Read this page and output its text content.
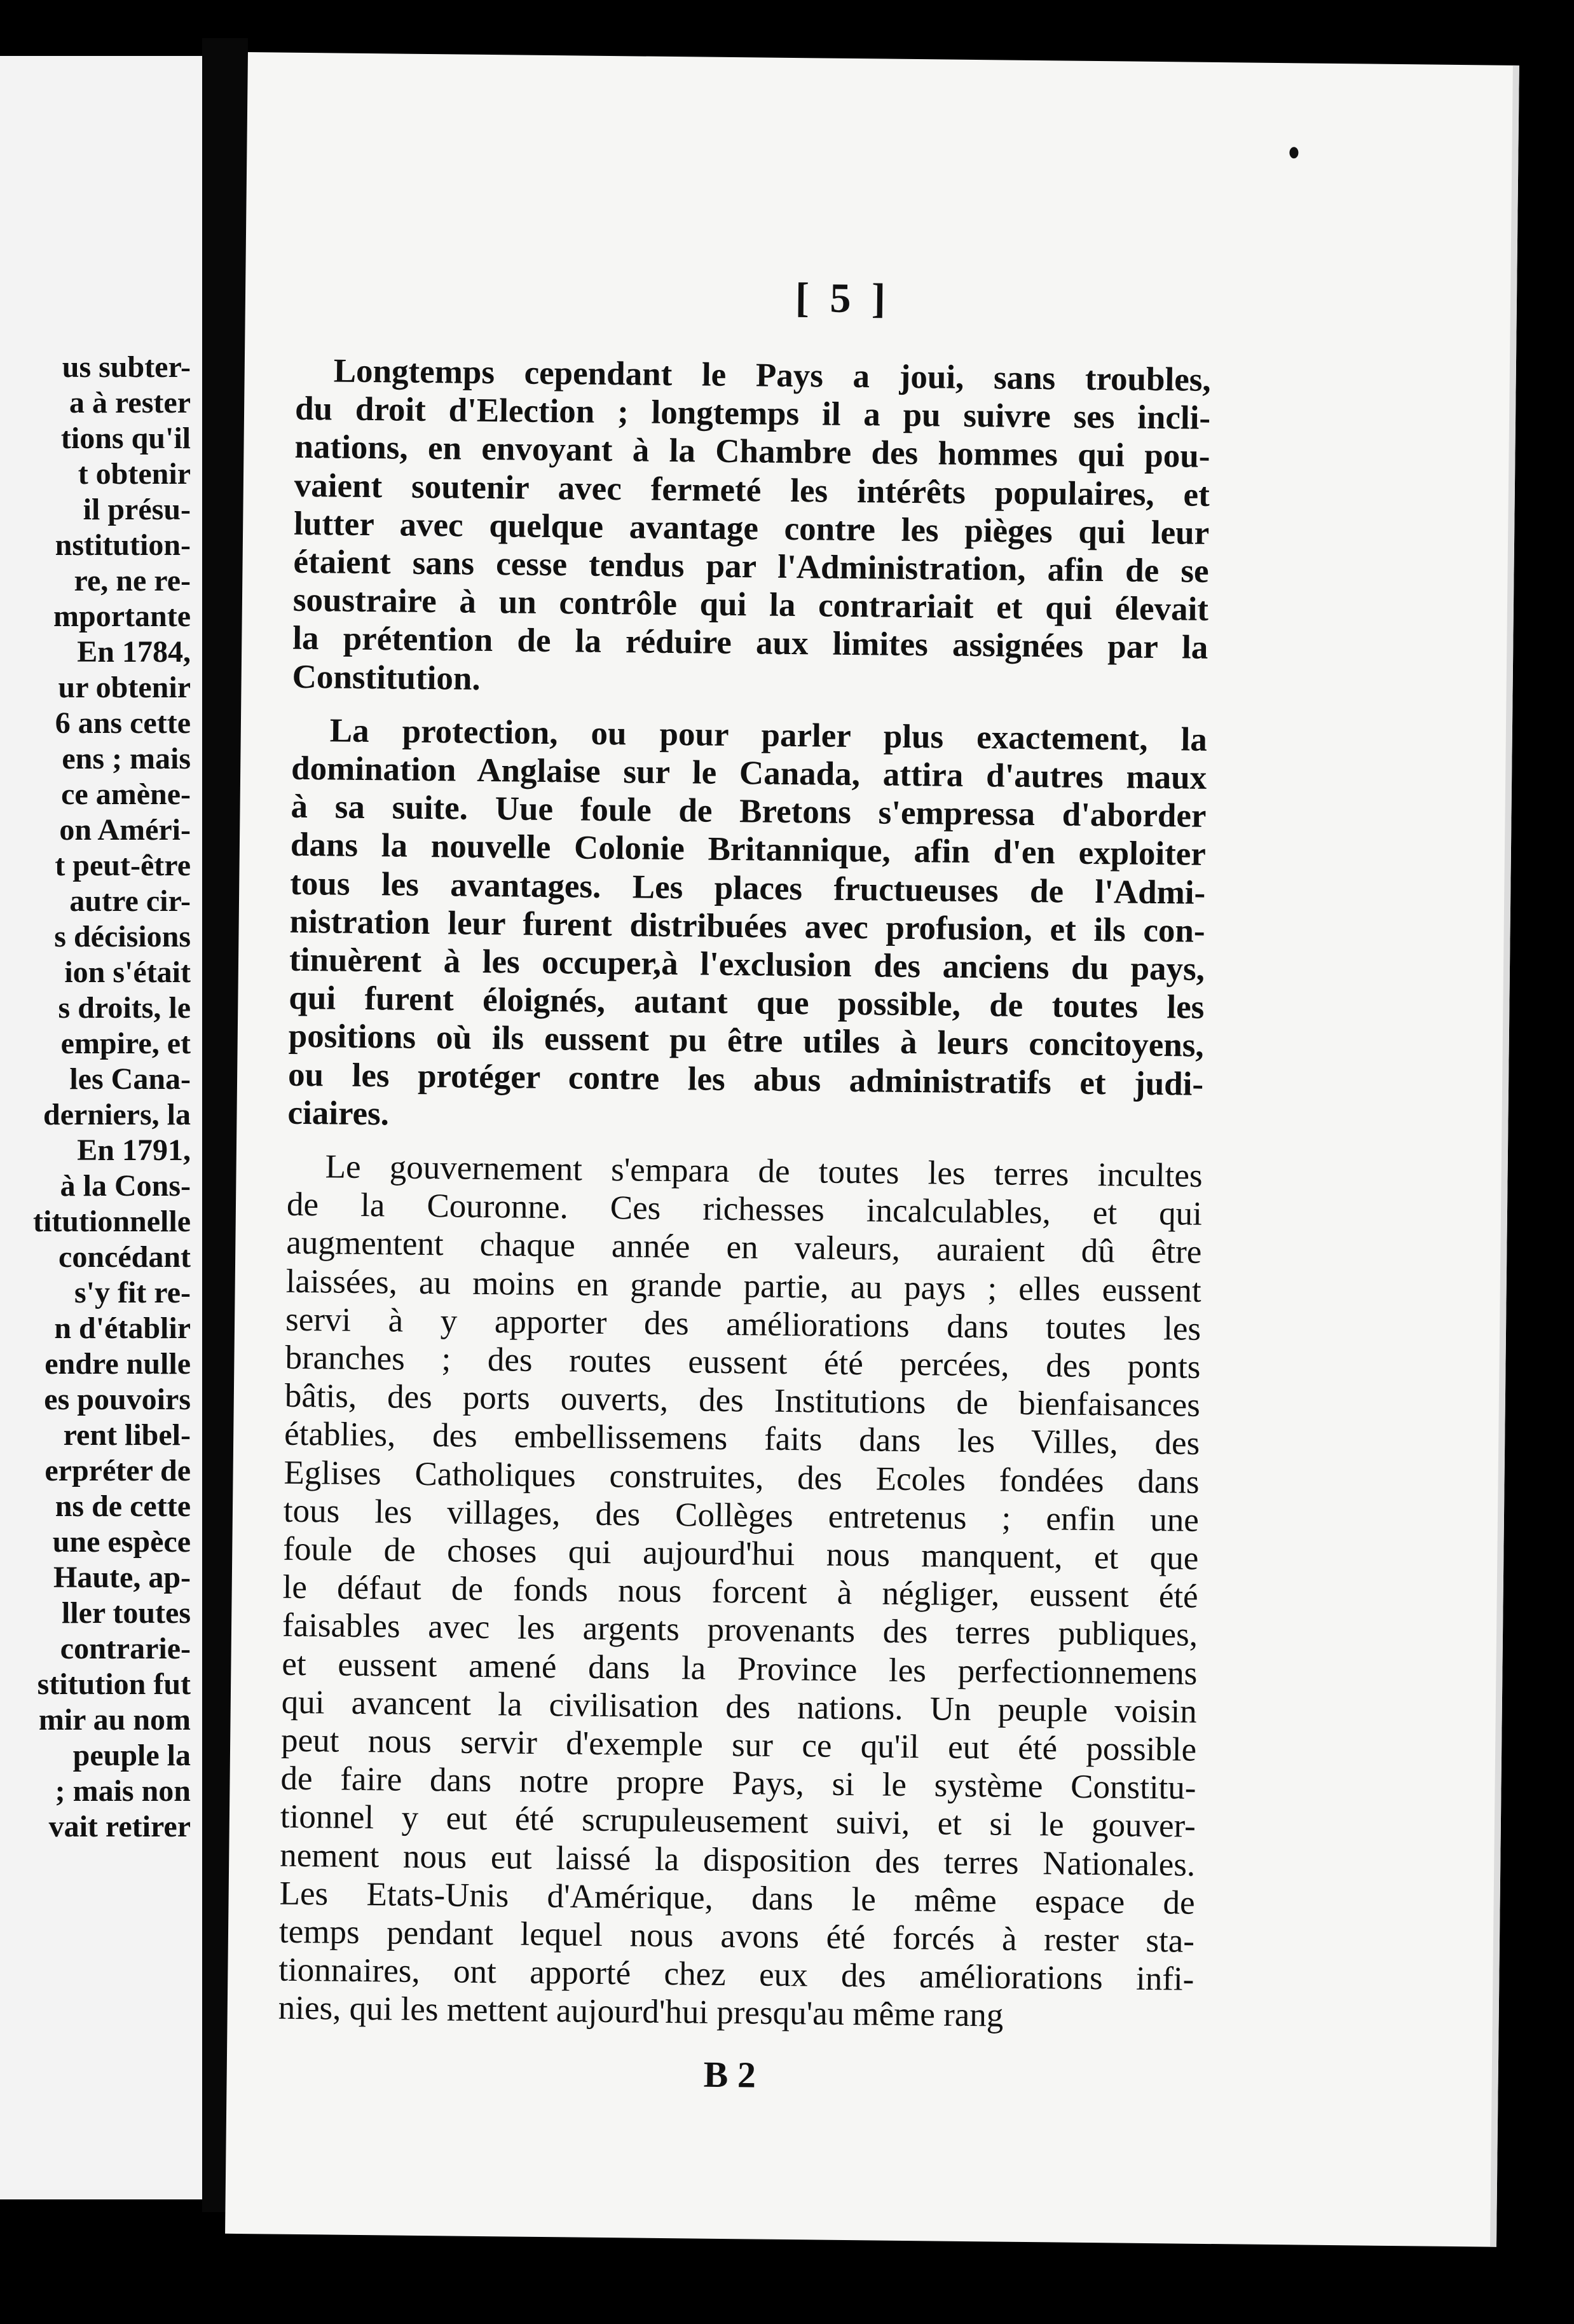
us subter-
a à rester
tions qu'il
t obtenir
il présu-
nstitution-
re, ne re-
mportante
En 1784,
ur obtenir
6 ans cette
ens ; mais
ce amène-
on Améri-
t peut-être
autre cir-
s décisions
ion s'était
s droits, le
empire, et
les Cana-
derniers, la
En 1791,
à la Cons-
titutionnelle
concédant
s'y fit re-
n d'établir
endre nulle
es pouvoirs
rent libel-
erpréter de
ns de cette
une espèce
Haute, ap-
ller toutes
contrarie-
stitution fut
mir au nom
peuple la
; mais non
vait retirer
[ 5 ]
Longtemps cependant le Pays a joui, sans troubles,
du droit d'Election ; longtemps il a pu suivre ses incli-
nations, en envoyant à la Chambre des hommes qui pou-
vaient soutenir avec fermeté les intérêts populaires, et
lutter avec quelque avantage contre les pièges qui leur
étaient sans cesse tendus par l'Administration, afin de se
soustraire à un contrôle qui la contrariait et qui élevait
la prétention de la réduire aux limites assignées par la
Constitution.
La protection, ou pour parler plus exactement, la
domination Anglaise sur le Canada, attira d'autres maux
à sa suite. Uue foule de Bretons s'empressa d'aborder
dans la nouvelle Colonie Britannique, afin d'en exploiter
tous les avantages. Les places fructueuses de l'Admi-
nistration leur furent distribuées avec profusion, et ils con-
tinuèrent à les occuper,à l'exclusion des anciens du pays,
qui furent éloignés, autant que possible, de toutes les
positions où ils eussent pu être utiles à leurs concitoyens,
ou les protéger contre les abus administratifs et judi-
ciaires.
Le gouvernement s'empara de toutes les terres incultes
de la Couronne. Ces richesses incalculables, et qui
augmentent chaque année en valeurs, auraient dû être
laissées, au moins en grande partie, au pays ; elles eussent
servi à y apporter des améliorations dans toutes les
branches ; des routes eussent été percées, des ponts
bâtis, des ports ouverts, des Institutions de bienfaisances
établies, des embellissemens faits dans les Villes, des
Eglises Catholiques construites, des Ecoles fondées dans
tous les villages, des Collèges entretenus ; enfin une
foule de choses qui aujourd'hui nous manquent, et que
le défaut de fonds nous forcent à négliger, eussent été
faisables avec les argents provenants des terres publiques,
et eussent amené dans la Province les perfectionnemens
qui avancent la civilisation des nations. Un peuple voisin
peut nous servir d'exemple sur ce qu'il eut été possible
de faire dans notre propre Pays, si le système Constitu-
tionnel y eut été scrupuleusement suivi, et si le gouver-
nement nous eut laissé la disposition des terres Nationales.
Les Etats-Unis d'Amérique, dans le même espace de
temps pendant lequel nous avons été forcés à rester sta-
tionnaires, ont apporté chez eux des améliorations infi-
nies, qui les mettent aujourd'hui presqu'au même rang
B 2
